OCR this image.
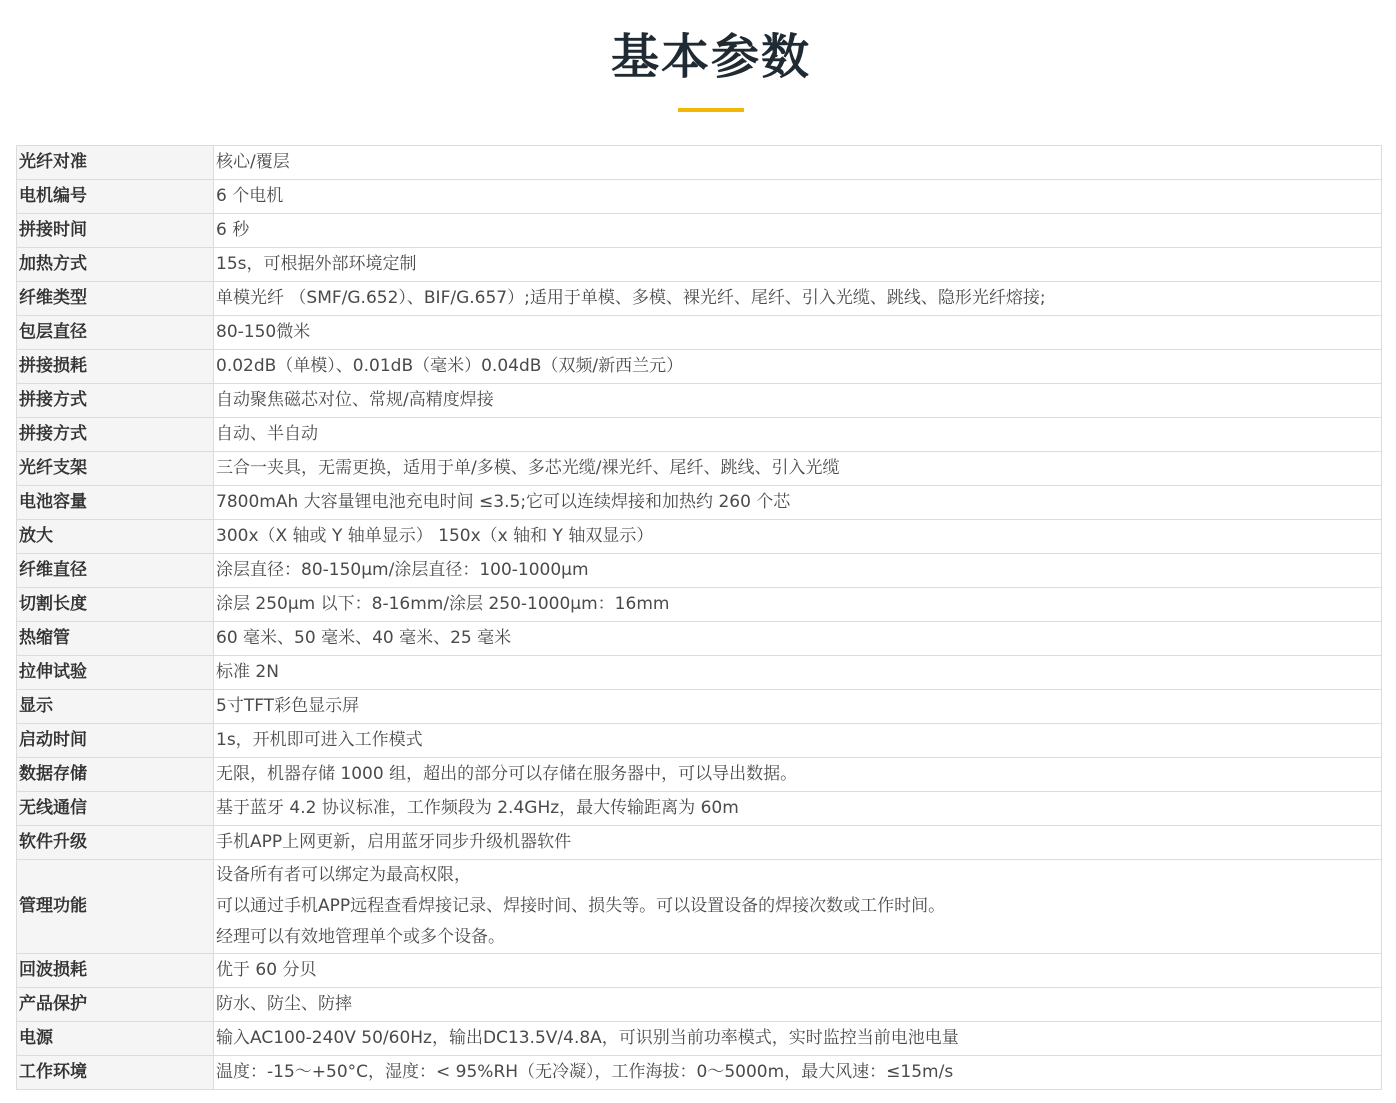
基本参数
光纤对准	核心/覆层

电机编号	6 个电机

拼接时间	6 秒

加热方式	15s，可根据外部环境定制

纤维类型	单模光纤 （SMF/G.652）、BIF/G.657）;适用于单模、多模、裸光纤、尾纤、引入光缆、跳线、隐形光纤熔接;

包层直径	80-150微米

拼接损耗	0.02dB（单模）、0.01dB（毫米）0.04dB（双频/新西兰元）

拼接方式	自动聚焦磁芯对位、常规/高精度焊接

拼接方式	自动、半自动

光纤支架	三合一夹具，无需更换，适用于单/多模、多芯光缆/裸光纤、尾纤、跳线、引入光缆

电池容量	7800mAh 大容量锂电池充电时间 ≤3.5;它可以连续焊接和加热约 260 个芯

放大	300x（X 轴或 Y 轴单显示） 150x（x 轴和 Y 轴双显示）

纤维直径	涂层直径：80-150μm/涂层直径：100-1000μm

切割长度	涂层 250μm 以下：8-16mm/涂层 250-1000μm：16mm

热缩管	60 毫米、50 毫米、40 毫米、25 毫米

拉伸试验	标准 2N

显示	5寸TFT彩色显示屏

启动时间	1s，开机即可进入工作模式

数据存储	无限，机器存储 1000 组，超出的部分可以存储在服务器中，可以导出数据。

无线通信	基于蓝牙 4.2 协议标准，工作频段为 2.4GHz，最大传输距离为 60m

软件升级	手机APP上网更新，启用蓝牙同步升级机器软件

管理功能	设备所有者可以绑定为最高权限，
可以通过手机APP远程查看焊接记录、焊接时间、损失等。可以设置设备的焊接次数或工作时间。
经理可以有效地管理单个或多个设备。

回波损耗	优于 60 分贝

产品保护	防水、防尘、防摔

电源	输入AC100-240V 50/60Hz，输出DC13.5V/4.8A，可识别当前功率模式，实时监控当前电池电量

工作环境	温度：-15～+50°C，湿度：< 95%RH（无冷凝），工作海拔：0～5000m，最大风速：≤15m/s
